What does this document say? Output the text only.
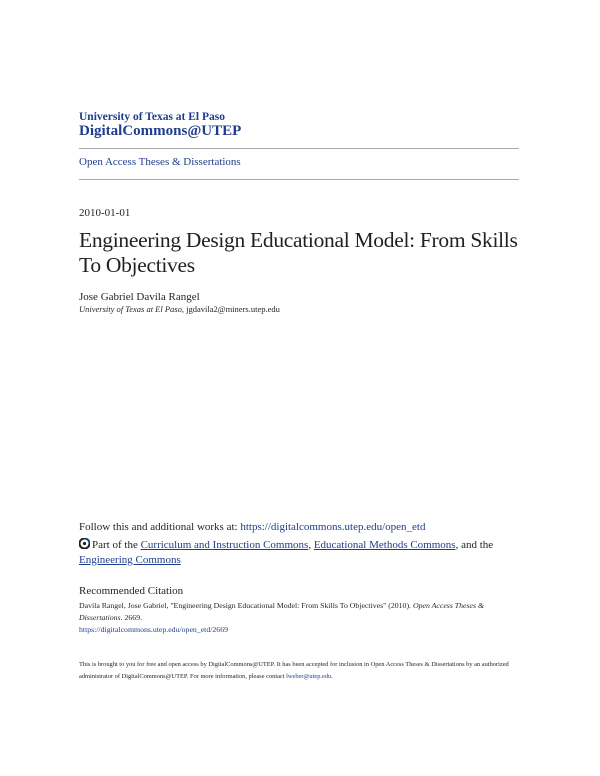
University of Texas at El Paso
DigitalCommons@UTEP
Open Access Theses & Dissertations
2010-01-01
Engineering Design Educational Model: From Skills To Objectives
Jose Gabriel Davila Rangel
University of Texas at El Paso, jgdavila2@miners.utep.edu
Follow this and additional works at: https://digitalcommons.utep.edu/open_etd
Part of the Curriculum and Instruction Commons, Educational Methods Commons, and the
Engineering Commons
Recommended Citation
Davila Rangel, Jose Gabriel, "Engineering Design Educational Model: From Skills To Objectives" (2010). Open Access Theses & Dissertations. 2669.
https://digitalcommons.utep.edu/open_etd/2669
This is brought to you for free and open access by DigitalCommons@UTEP. It has been accepted for inclusion in Open Access Theses & Dissertations by an authorized administrator of DigitalCommons@UTEP. For more information, please contact lweber@utep.edu.
